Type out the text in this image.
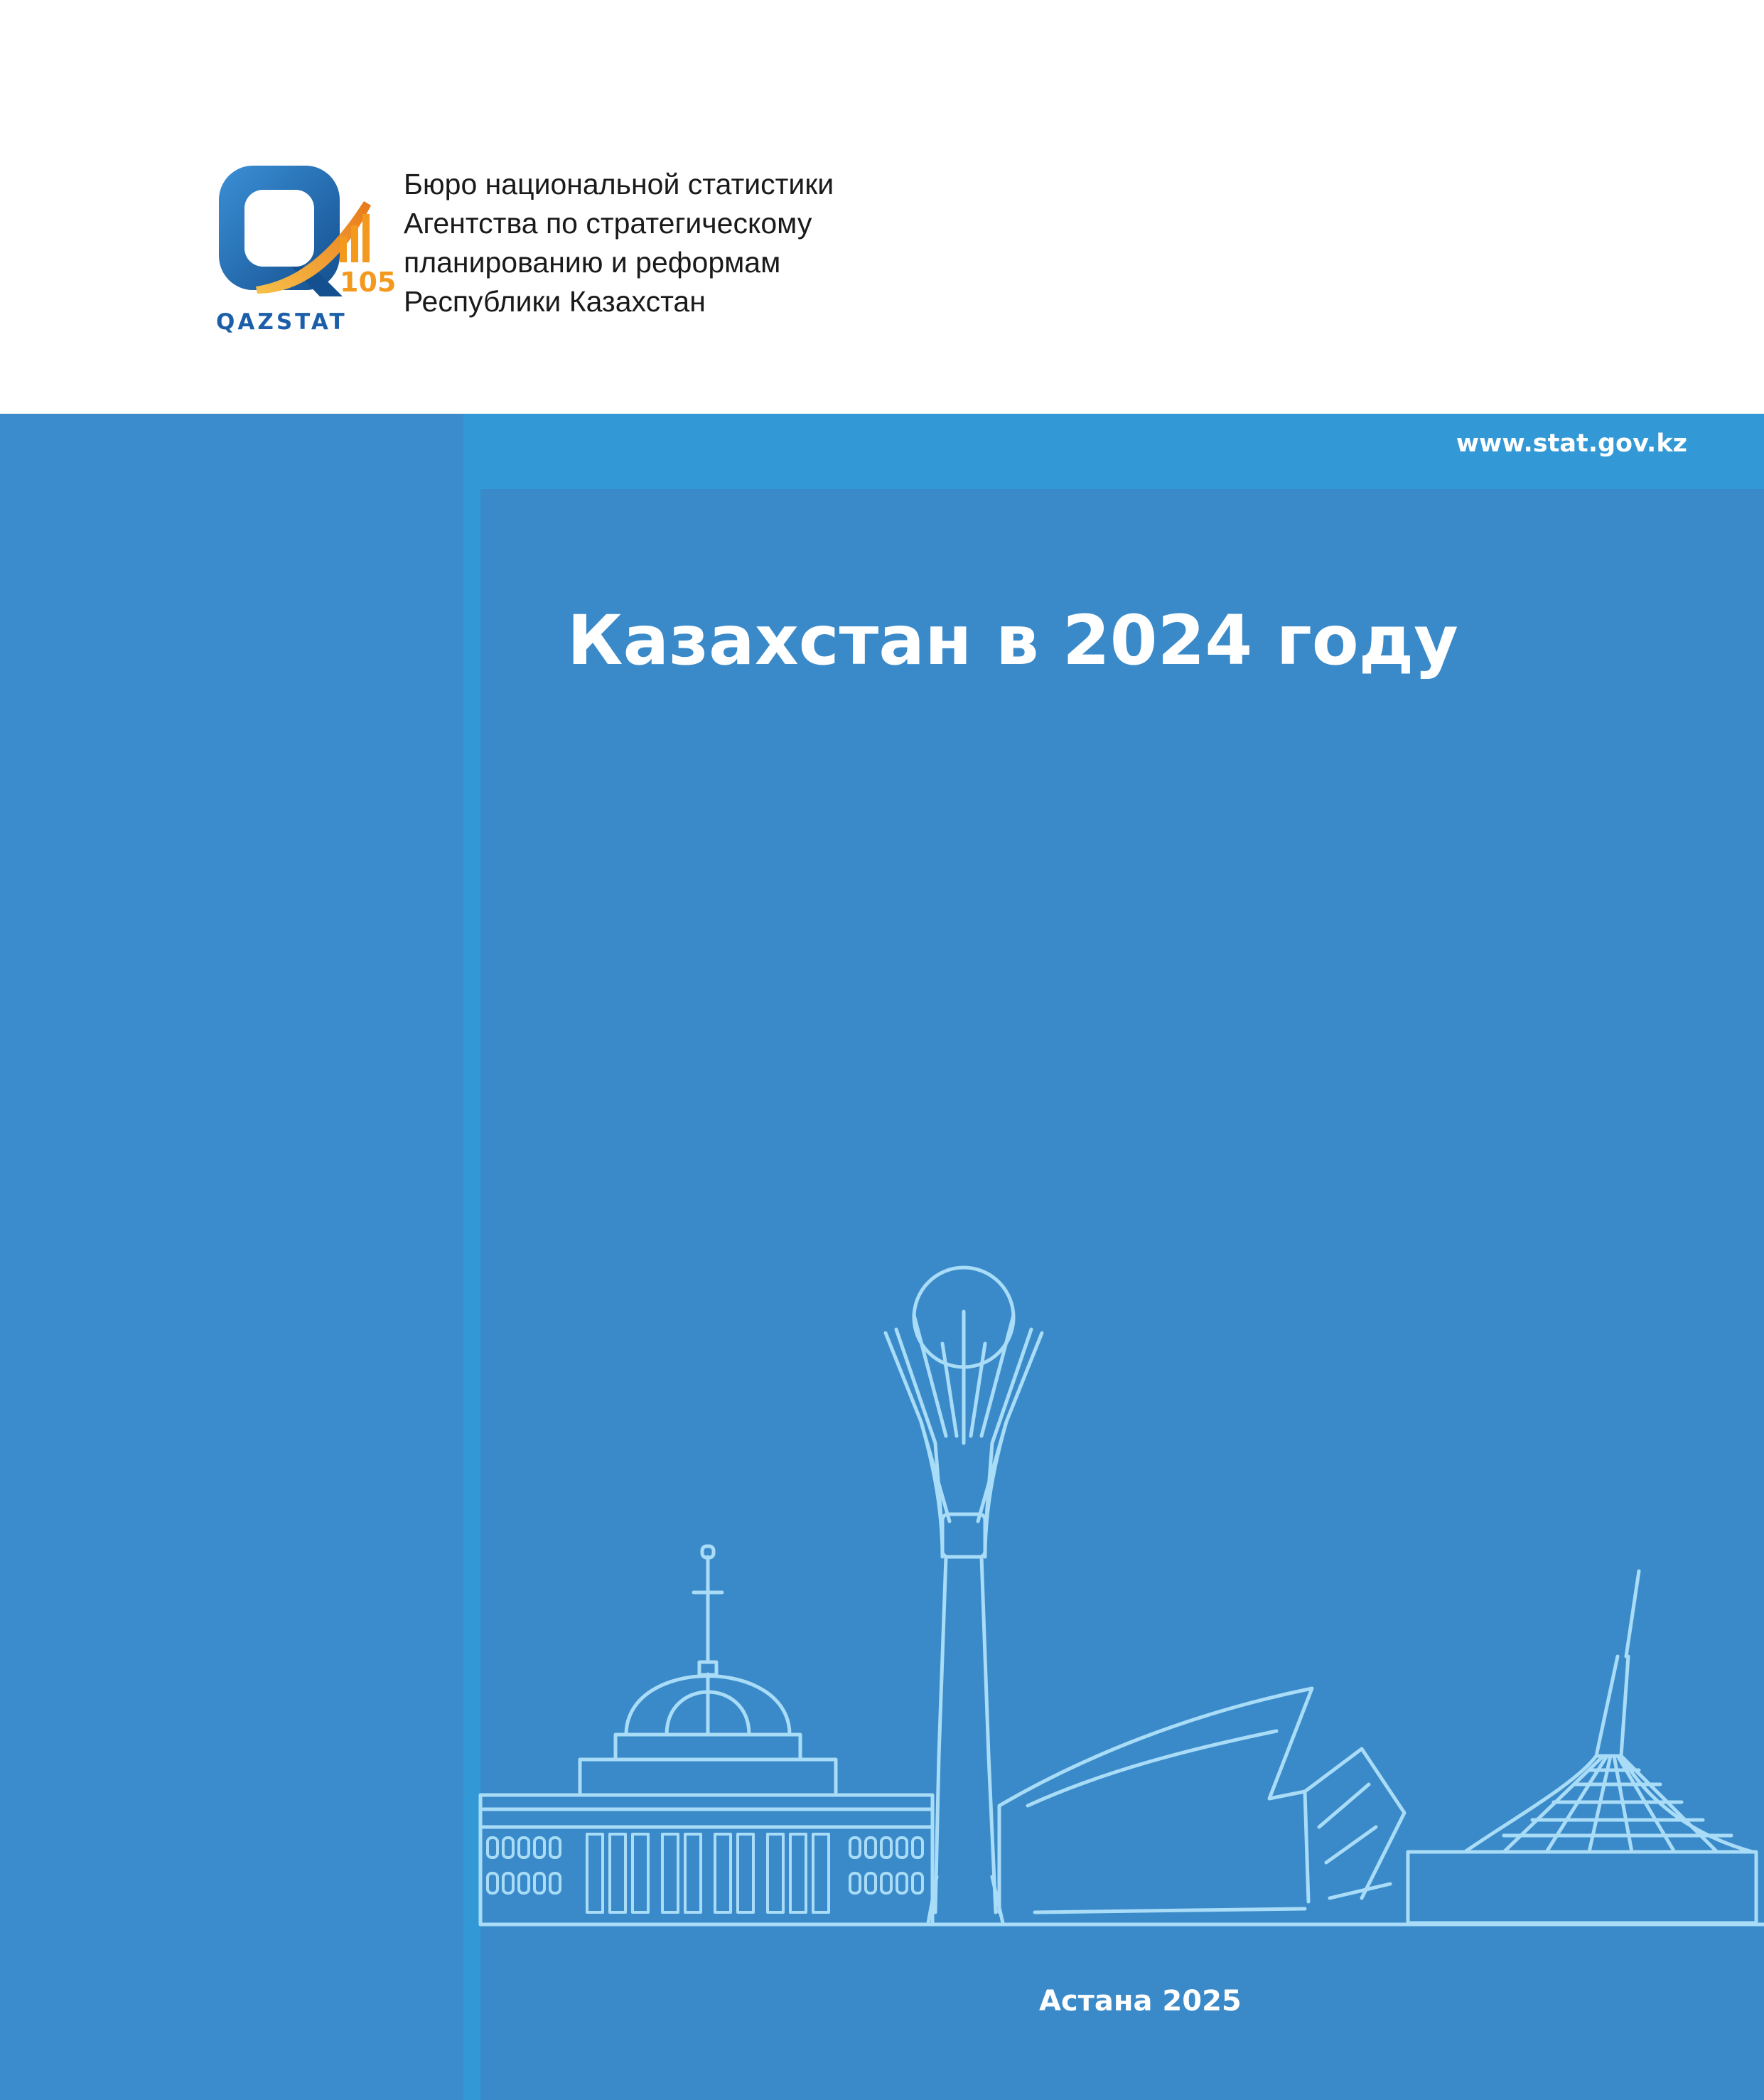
105
QAZSTAT
Бюро национальной статистики
Агентства по стратегическому
планированию и реформам
Республики Казахстан
www.stat.gov.kz
Казахстан в 2024 году
Астана 2025
